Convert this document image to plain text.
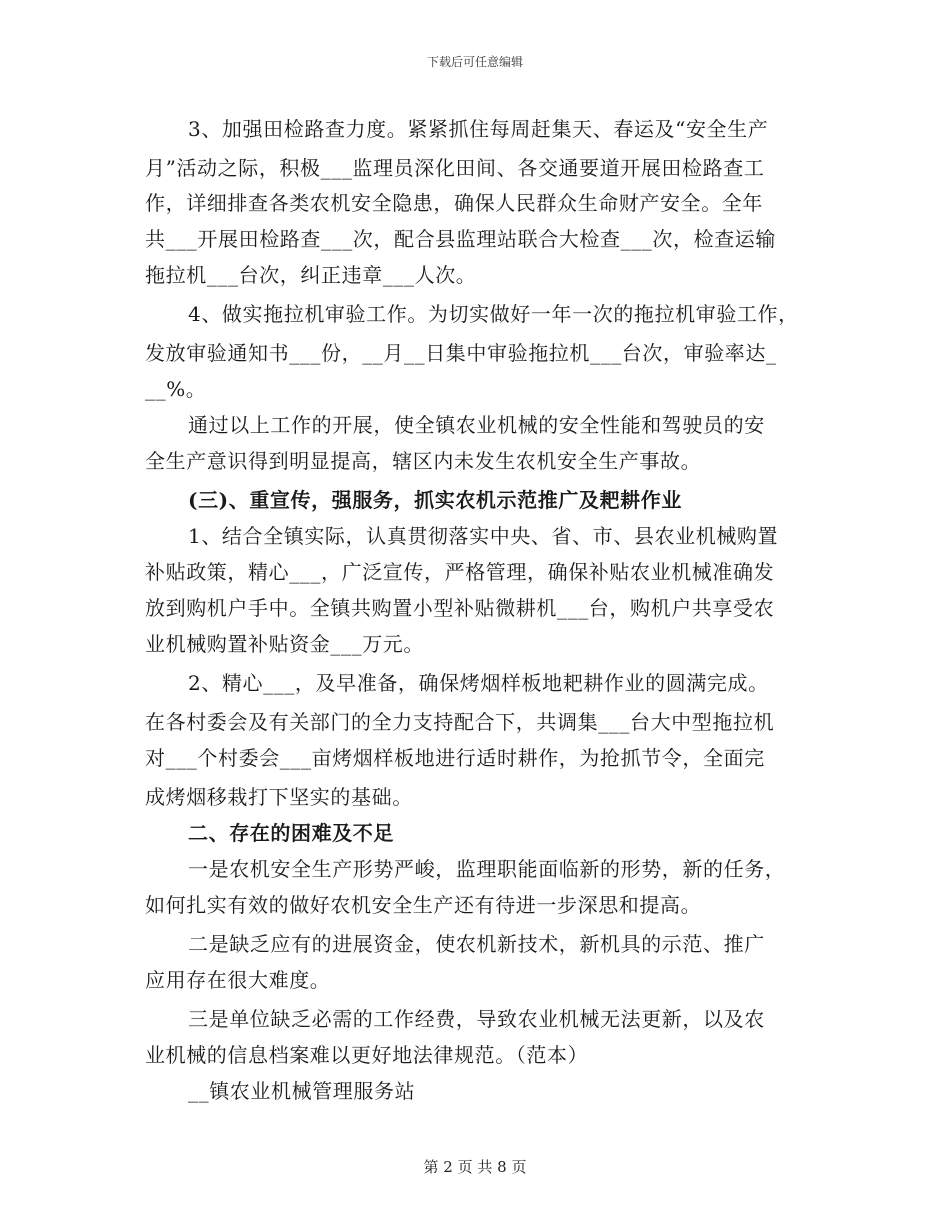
下载后可任意编辑
3、加强田检路查力度。紧紧抓住每周赶集天、春运及“安全生产
月”活动之际，积极___监理员深化田间、各交通要道开展田检路查工
作，详细排查各类农机安全隐患，确保人民群众生命财产安全。全年
共___开展田检路查___次，配合县监理站联合大检查___次，检查运输
拖拉机___台次，纠正违章___人次。
4、做实拖拉机审验工作。为切实做好一年一次的拖拉机审验工作，
发放审验通知书___份，__月__日集中审验拖拉机___台次，审验率达_
__%。
通过以上工作的开展，使全镇农业机械的安全性能和驾驶员的安
全生产意识得到明显提高，辖区内未发生农机安全生产事故。
(三)、重宣传，强服务，抓实农机示范推广及耙耕作业
1、结合全镇实际，认真贯彻落实中央、省、市、县农业机械购置
补贴政策，精心___，广泛宣传，严格管理，确保补贴农业机械准确发
放到购机户手中。全镇共购置小型补贴微耕机___台，购机户共享受农
业机械购置补贴资金___万元。
2、精心___，及早准备，确保烤烟样板地耙耕作业的圆满完成。
在各村委会及有关部门的全力支持配合下，共调集___台大中型拖拉机
对___个村委会___亩烤烟样板地进行适时耕作，为抢抓节令，全面完
成烤烟移栽打下坚实的基础。
二、存在的困难及不足
一是农机安全生产形势严峻，监理职能面临新的形势，新的任务，
如何扎实有效的做好农机安全生产还有待进一步深思和提高。
二是缺乏应有的进展资金，使农机新技术，新机具的示范、推广
应用存在很大难度。
三是单位缺乏必需的工作经费，导致农业机械无法更新，以及农
业机械的信息档案难以更好地法律规范。（范本）
__镇农业机械管理服务站
第 2 页 共 8 页
